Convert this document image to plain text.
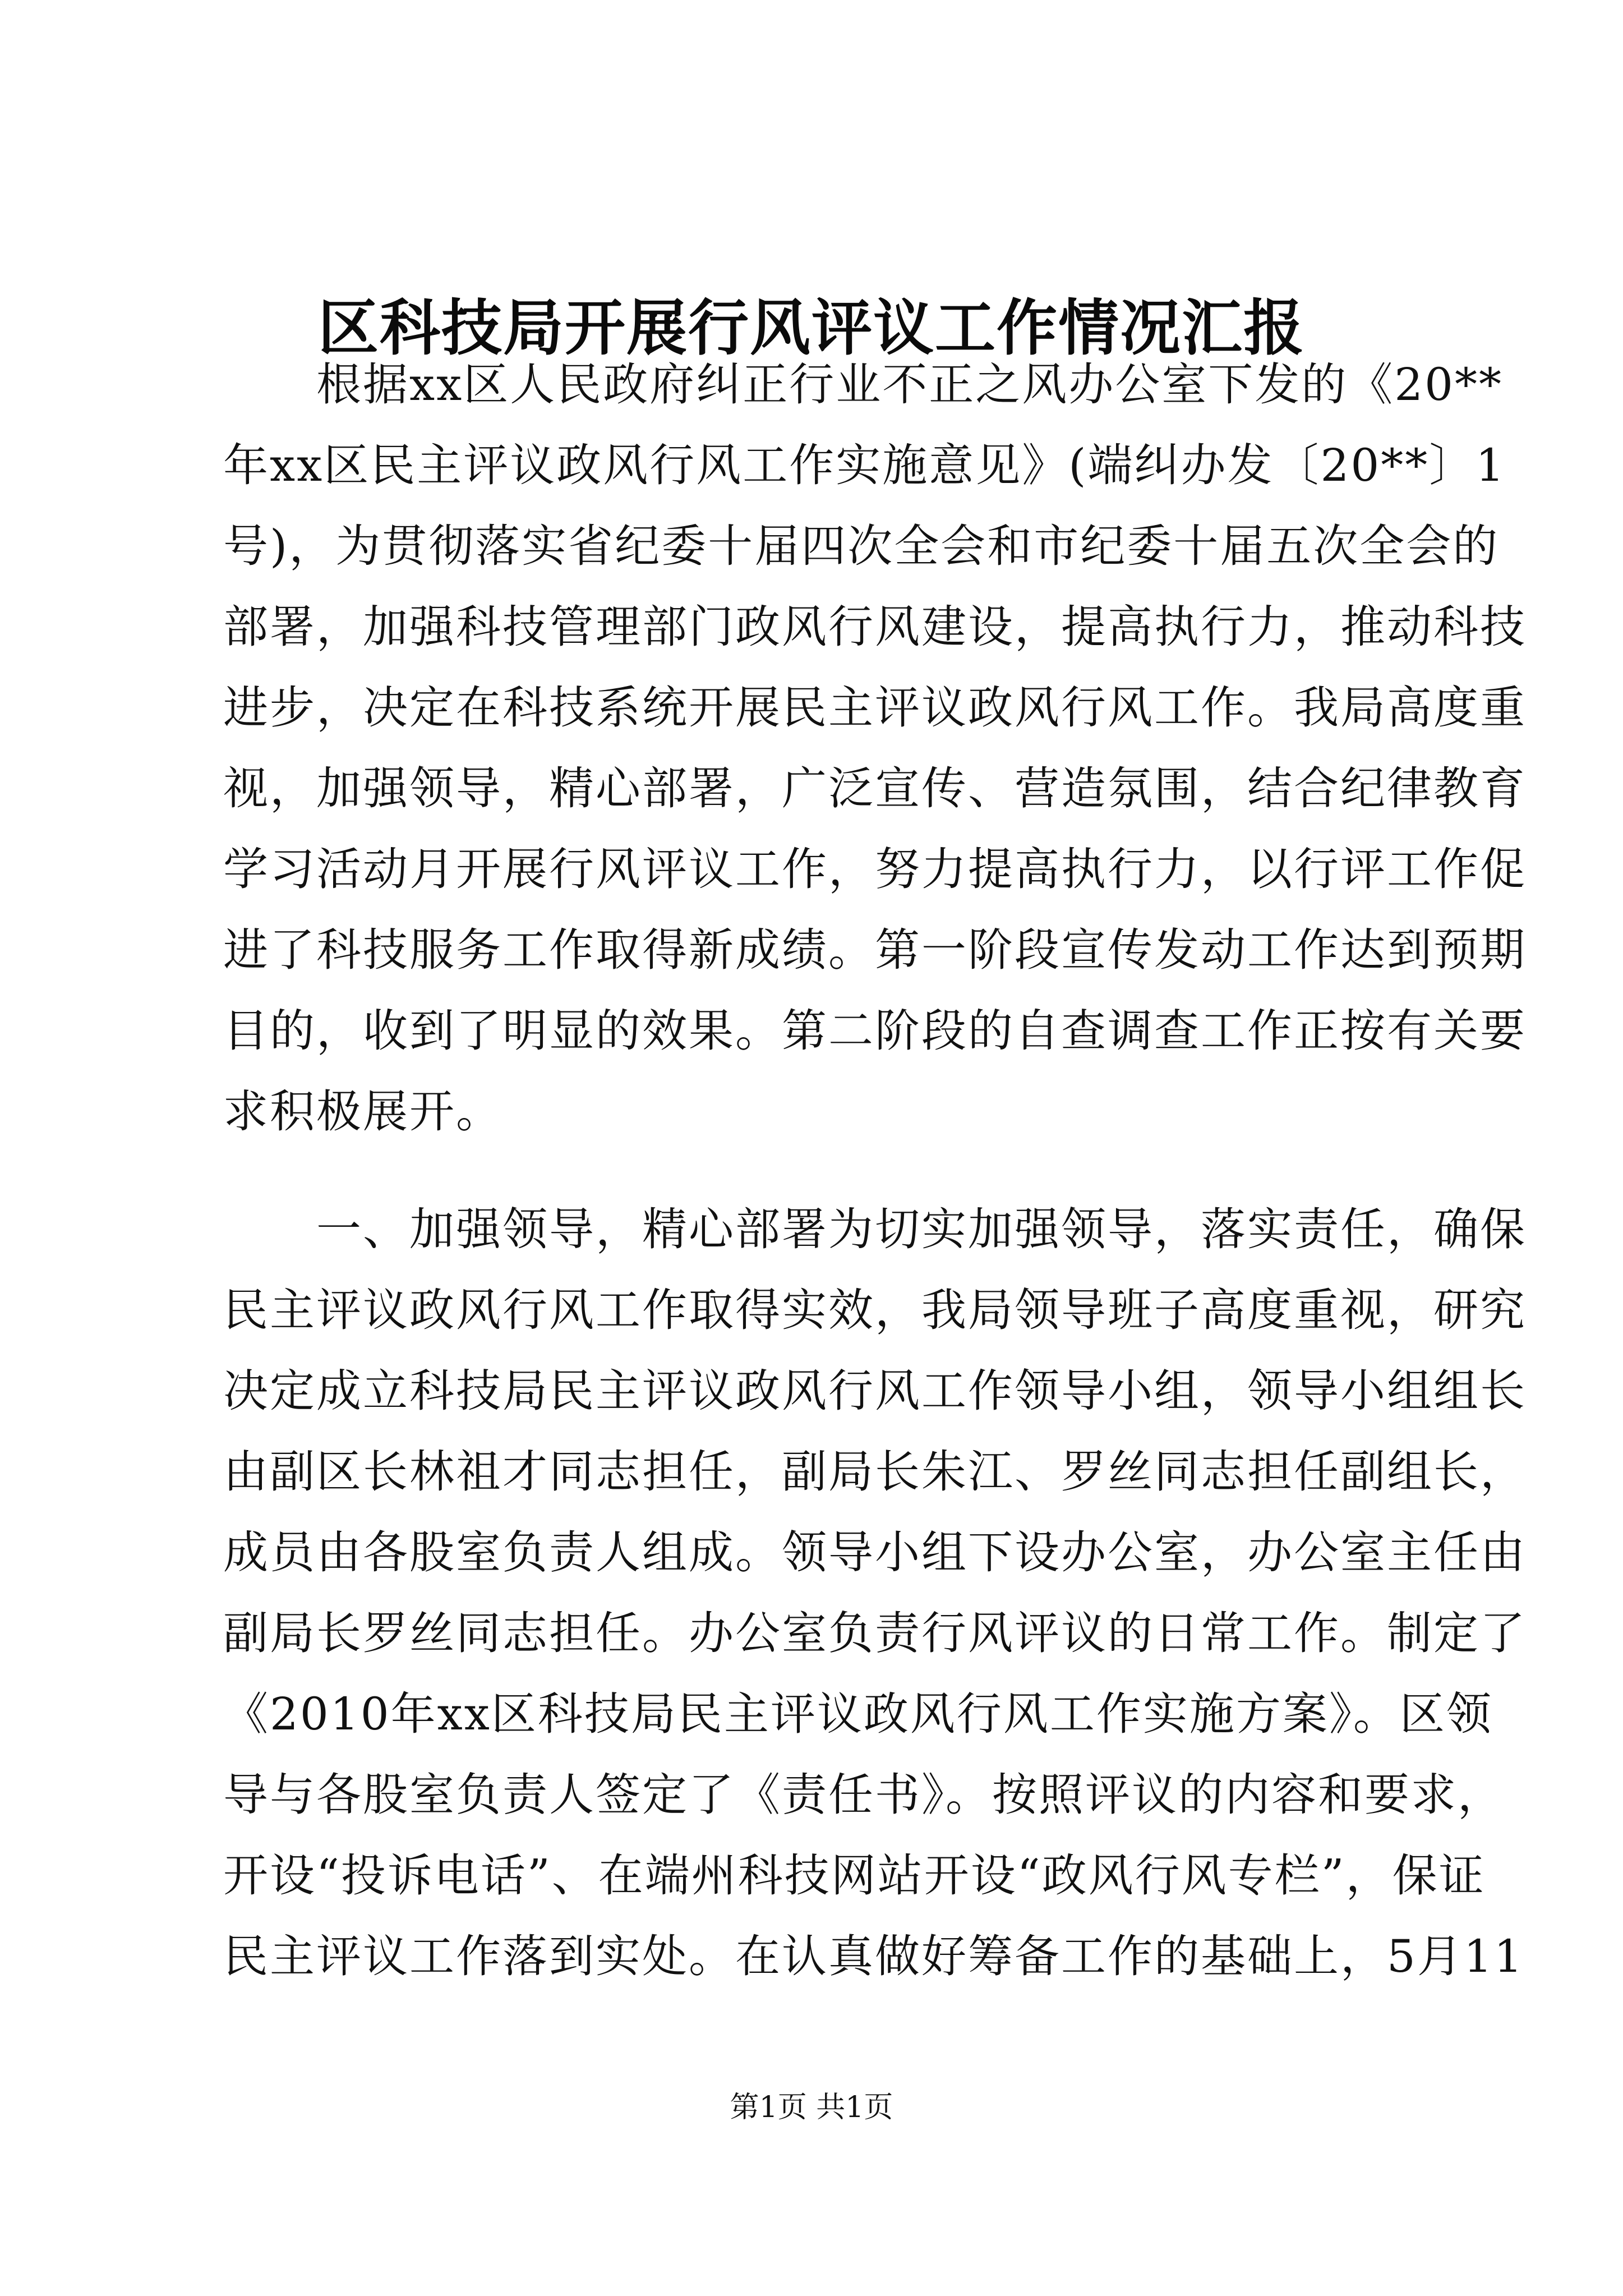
区科技局开展行风评议工作情况汇报
　　根据xx区人民政府纠正行业不正之风办公室下发的《20**
年xx区民主评议政风行风工作实施意见》(端纠办发〔20**〕1
号)，为贯彻落实省纪委十届四次全会和市纪委十届五次全会的
部署，加强科技管理部门政风行风建设，提高执行力，推动科技
进步，决定在科技系统开展民主评议政风行风工作。我局高度重
视，加强领导，精心部署，广泛宣传、营造氛围，结合纪律教育
学习活动月开展行风评议工作，努力提高执行力，以行评工作促
进了科技服务工作取得新成绩。第一阶段宣传发动工作达到预期
目的，收到了明显的效果。第二阶段的自查调查工作正按有关要
求积极展开。
　　一、加强领导，精心部署为切实加强领导，落实责任，确保
民主评议政风行风工作取得实效，我局领导班子高度重视，研究
决定成立科技局民主评议政风行风工作领导小组，领导小组组长
由副区长林祖才同志担任，副局长朱江、罗丝同志担任副组长，
成员由各股室负责人组成。领导小组下设办公室，办公室主任由
副局长罗丝同志担任。办公室负责行风评议的日常工作。制定了
《2010年xx区科技局民主评议政风行风工作实施方案》。区领
导与各股室负责人签定了《责任书》。按照评议的内容和要求，
开设“投诉电话”、在端州科技网站开设“政风行风专栏”，保证
民主评议工作落到实处。在认真做好筹备工作的基础上，5月11
第1页 共1页
